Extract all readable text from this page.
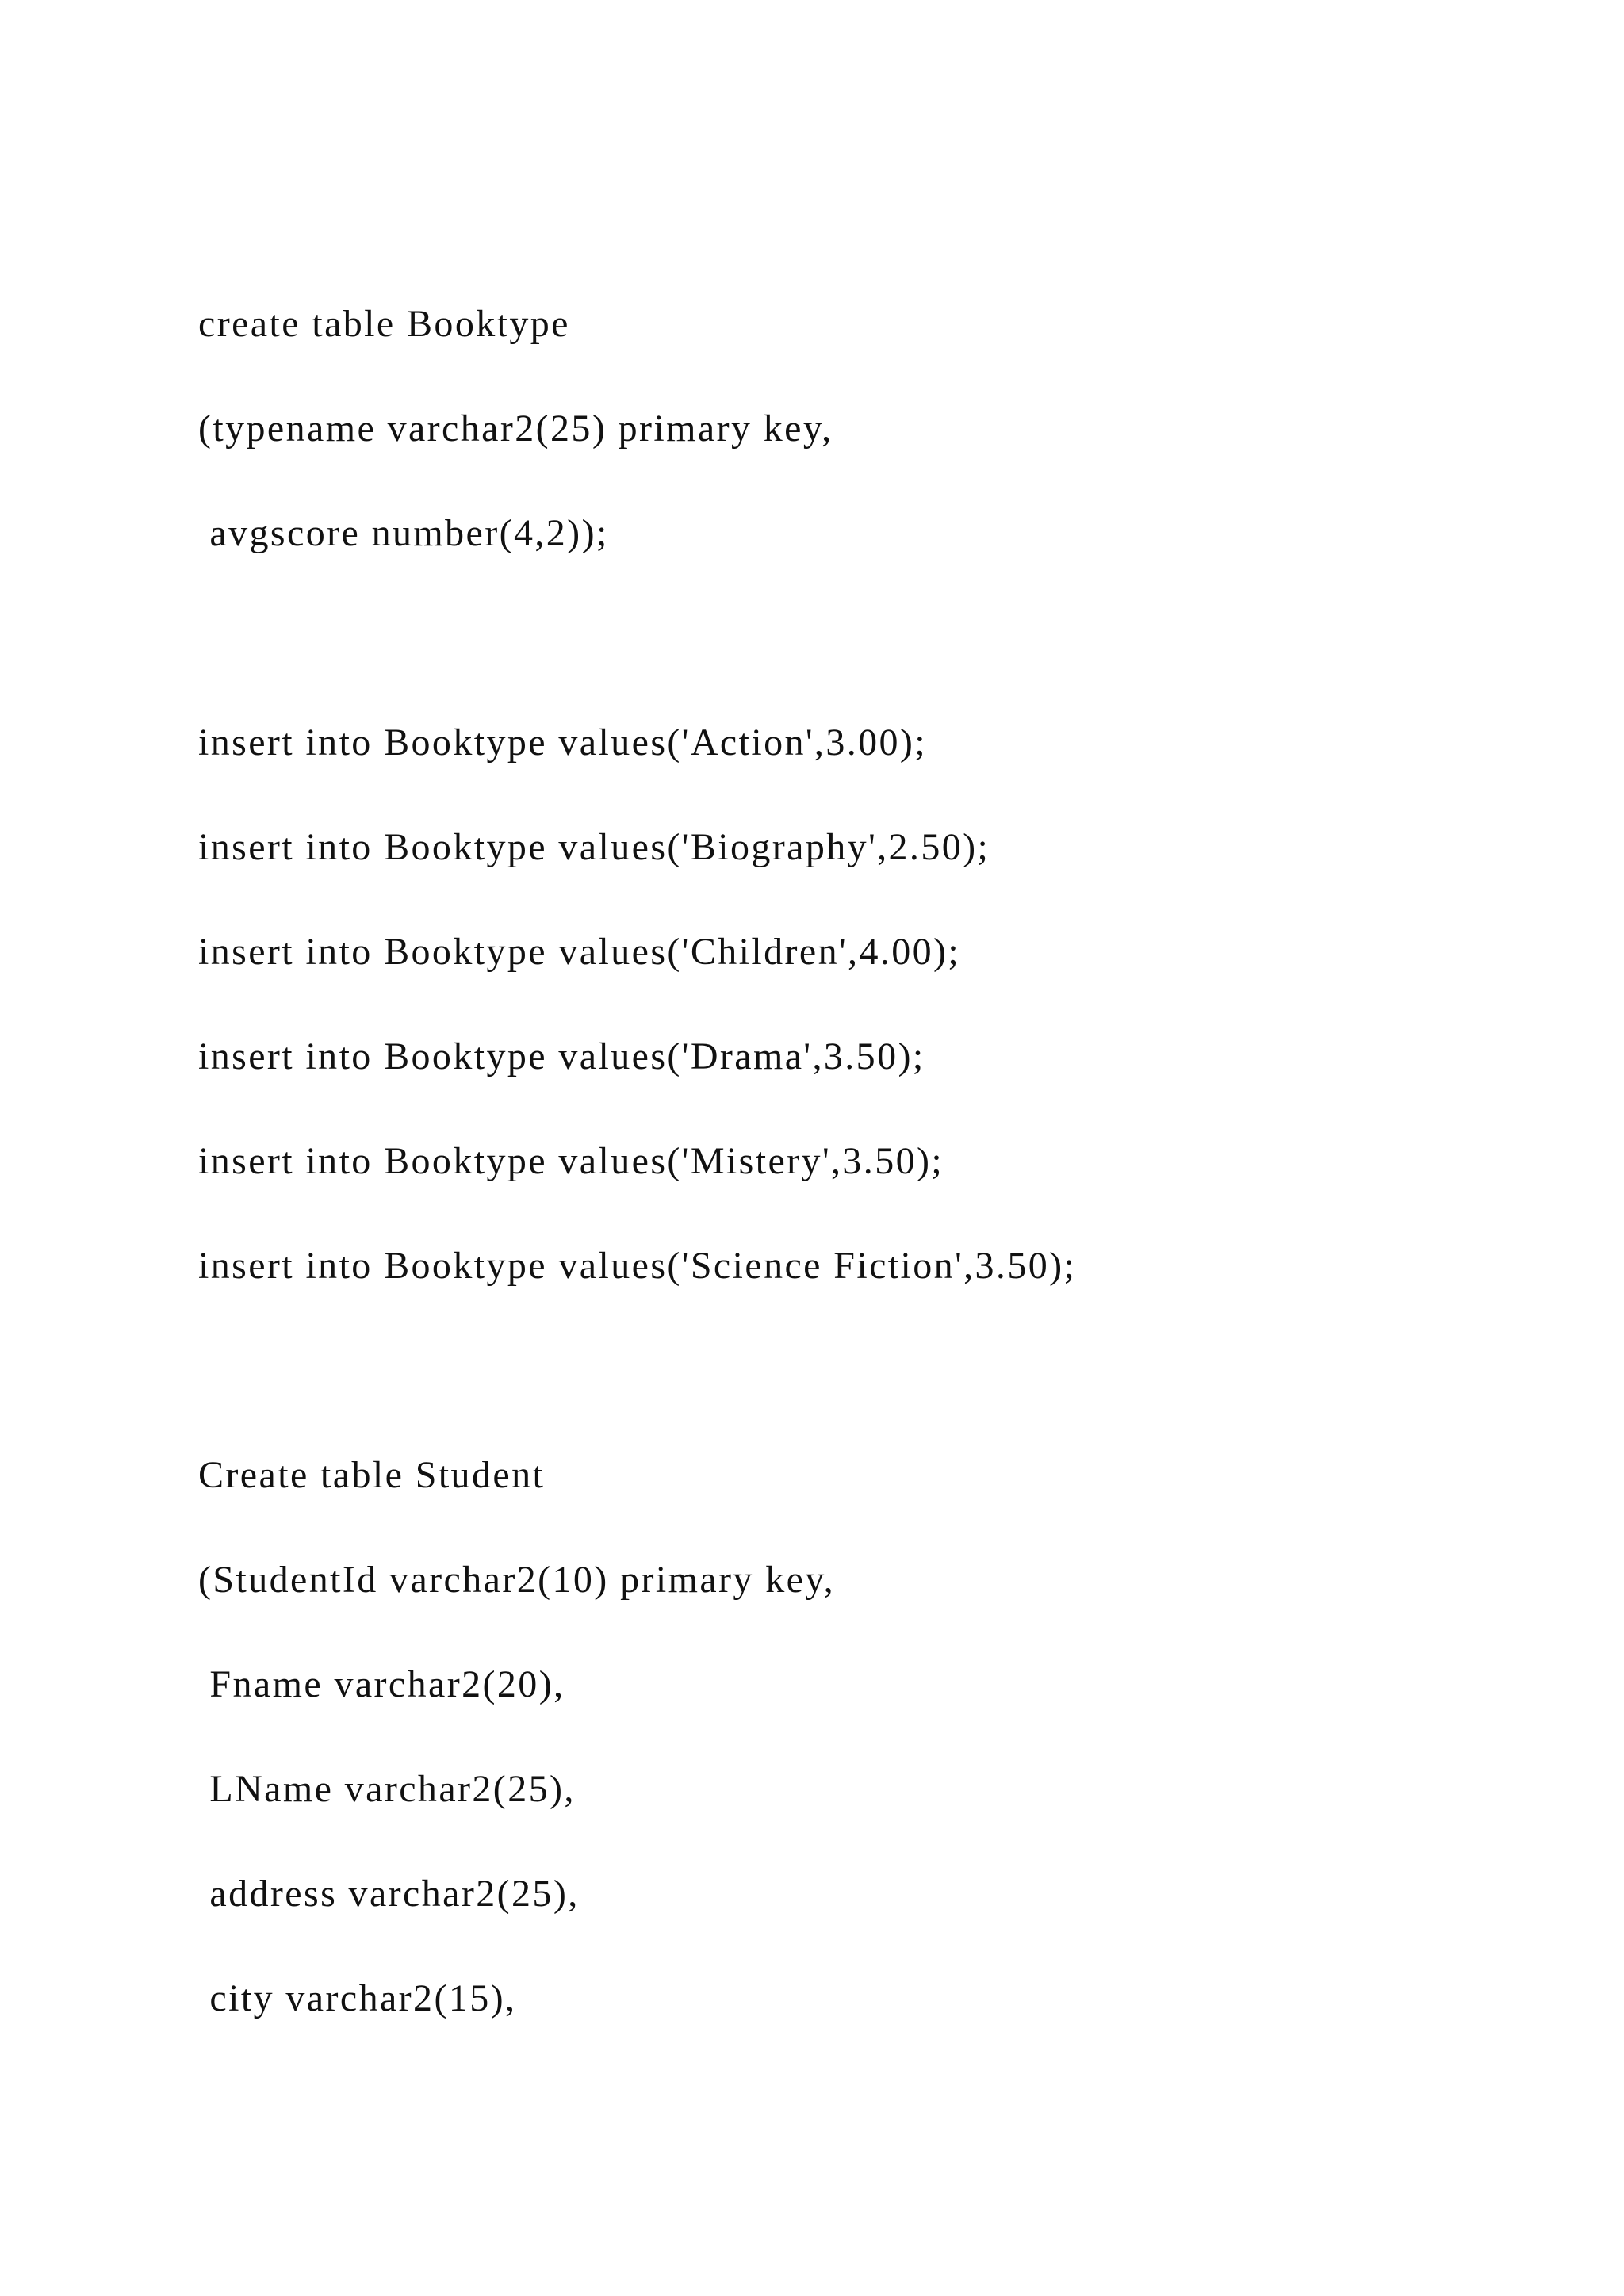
create table Booktype
(typename varchar2(25) primary key,
avgscore number(4,2));
insert into Booktype values('Action',3.00);
insert into Booktype values('Biography',2.50);
insert into Booktype values('Children',4.00);
insert into Booktype values('Drama',3.50);
insert into Booktype values('Mistery',3.50);
insert into Booktype values('Science Fiction',3.50);
Create table Student
(StudentId varchar2(10) primary key,
Fname varchar2(20),
LName varchar2(25),
address varchar2(25),
city varchar2(15),
